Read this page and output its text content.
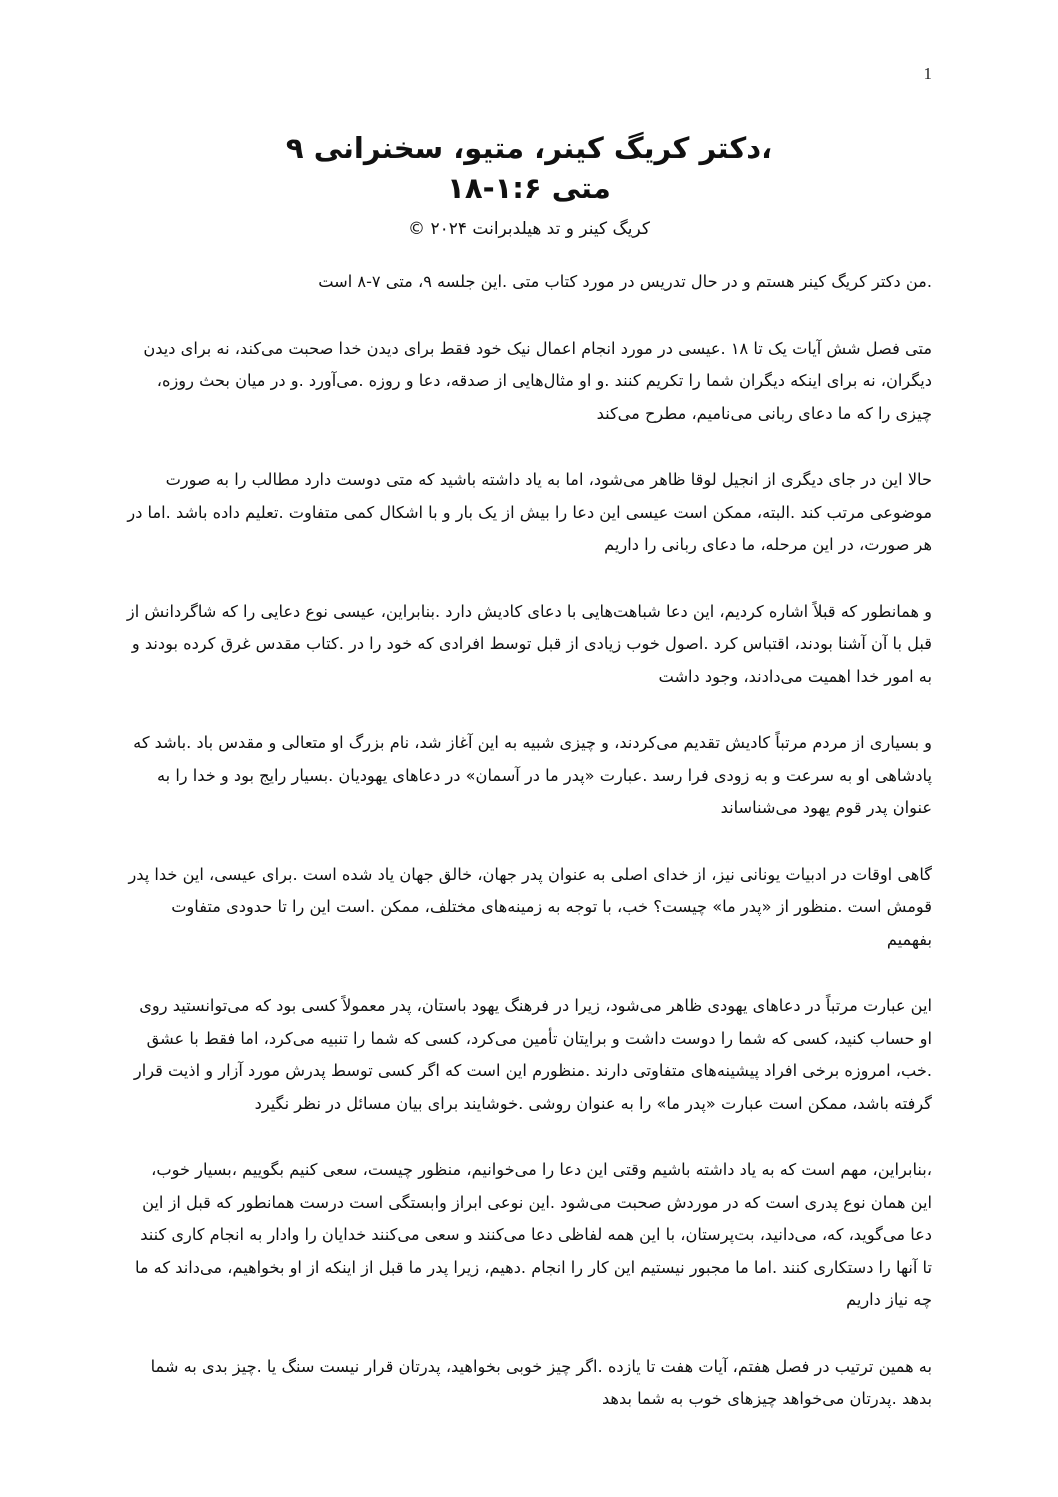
1
،دکتر کریگ کینر، متیو، سخنرانی ۹
متی ۱:۶-۱۸
کریگ کینر و تد هیلدبرانت ۲۰۲۴ ©

.من دکتر کریگ کینر هستم و در حال تدریس در مورد کتاب متی .این جلسه ۹، متی ۷-۸ است

متی فصل شش آیات یک تا ۱۸ .عیسی در مورد انجام اعمال نیک خود فقط برای دیدن خدا صحبت می‌کند، نه برای دیدن دیگران، نه برای اینکه دیگران شما را تکریم کنند .و او مثال‌هایی از صدقه، دعا و روزه .می‌آورد .و در میان بحث روزه، چیزی را که ما دعای ربانی می‌نامیم، مطرح می‌کند

حالا این در جای دیگری از انجیل لوقا ظاهر می‌شود، اما به یاد داشته باشید که متی دوست دارد مطالب را به صورت موضوعی مرتب کند .البته، ممکن است عیسی این دعا را بیش از یک بار و با اشکال کمی متفاوت .تعلیم داده باشد .اما در هر صورت، در این مرحله، ما دعای ربانی را داریم

و همانطور که قبلاً اشاره کردیم، این دعا شباهت‌هایی با دعای کادیش دارد .بنابراین، عیسی نوع دعایی را که شاگردانش از قبل با آن آشنا بودند، اقتباس کرد .اصول خوب زیادی از قبل توسط افرادی که خود را در .کتاب مقدس غرق کرده بودند و به امور خدا اهمیت می‌دادند، وجود داشت

و بسیاری از مردم مرتباً کادیش تقدیم می‌کردند، و چیزی شبیه به این آغاز شد، نام بزرگ او متعالی و مقدس باد .باشد که پادشاهی او به سرعت و به زودی فرا رسد .عبارت «پدر ما در آسمان» در دعاهای یهودیان .بسیار رایج بود و خدا را به عنوان پدر قوم یهود می‌شناساند

گاهی اوقات در ادبیات یونانی نیز، از خدای اصلی به عنوان پدر جهان، خالق جهان یاد شده است .برای عیسی، این خدا پدر قومش است .منظور از «پدر ما» چیست؟ خب، با توجه به زمینه‌های مختلف، ممکن .است این را تا حدودی متفاوت بفهمیم

این عبارت مرتباً در دعاهای یهودی ظاهر می‌شود، زیرا در فرهنگ یهود باستان، پدر معمولاً کسی بود که می‌توانستید روی او حساب کنید، کسی که شما را دوست داشت و برایتان تأمین می‌کرد، کسی که شما را تنبیه می‌کرد، اما فقط با عشق .خب، امروزه برخی افراد پیشینه‌های متفاوتی دارند .منظورم این است که اگر کسی توسط پدرش مورد آزار و اذیت قرار گرفته باشد، ممکن است عبارت «پدر ما» را به عنوان روشی .خوشایند برای بیان مسائل در نظر نگیرد

،بنابراین، مهم است که به یاد داشته باشیم وقتی این دعا را می‌خوانیم، منظور چیست، سعی کنیم بگوییم ،بسیار خوب، این همان نوع پدری است که در موردش صحبت می‌شود .این نوعی ابراز وابستگی است درست همانطور که قبل از این دعا می‌گوید، که، می‌دانید، بت‌پرستان، با این همه لفاظی دعا می‌کنند و سعی می‌کنند خدایان را وادار به انجام کاری کنند تا آنها را دستکاری کنند .اما ما مجبور نیستیم این کار را انجام .دهیم، زیرا پدر ما قبل از اینکه از او بخواهیم، می‌داند که ما چه نیاز داریم

به همین ترتیب در فصل هفتم، آیات هفت تا یازده .اگر چیز خوبی بخواهید، پدرتان قرار نیست سنگ یا .چیز بدی به شما بدهد .پدرتان می‌خواهد چیزهای خوب به شما بدهد
